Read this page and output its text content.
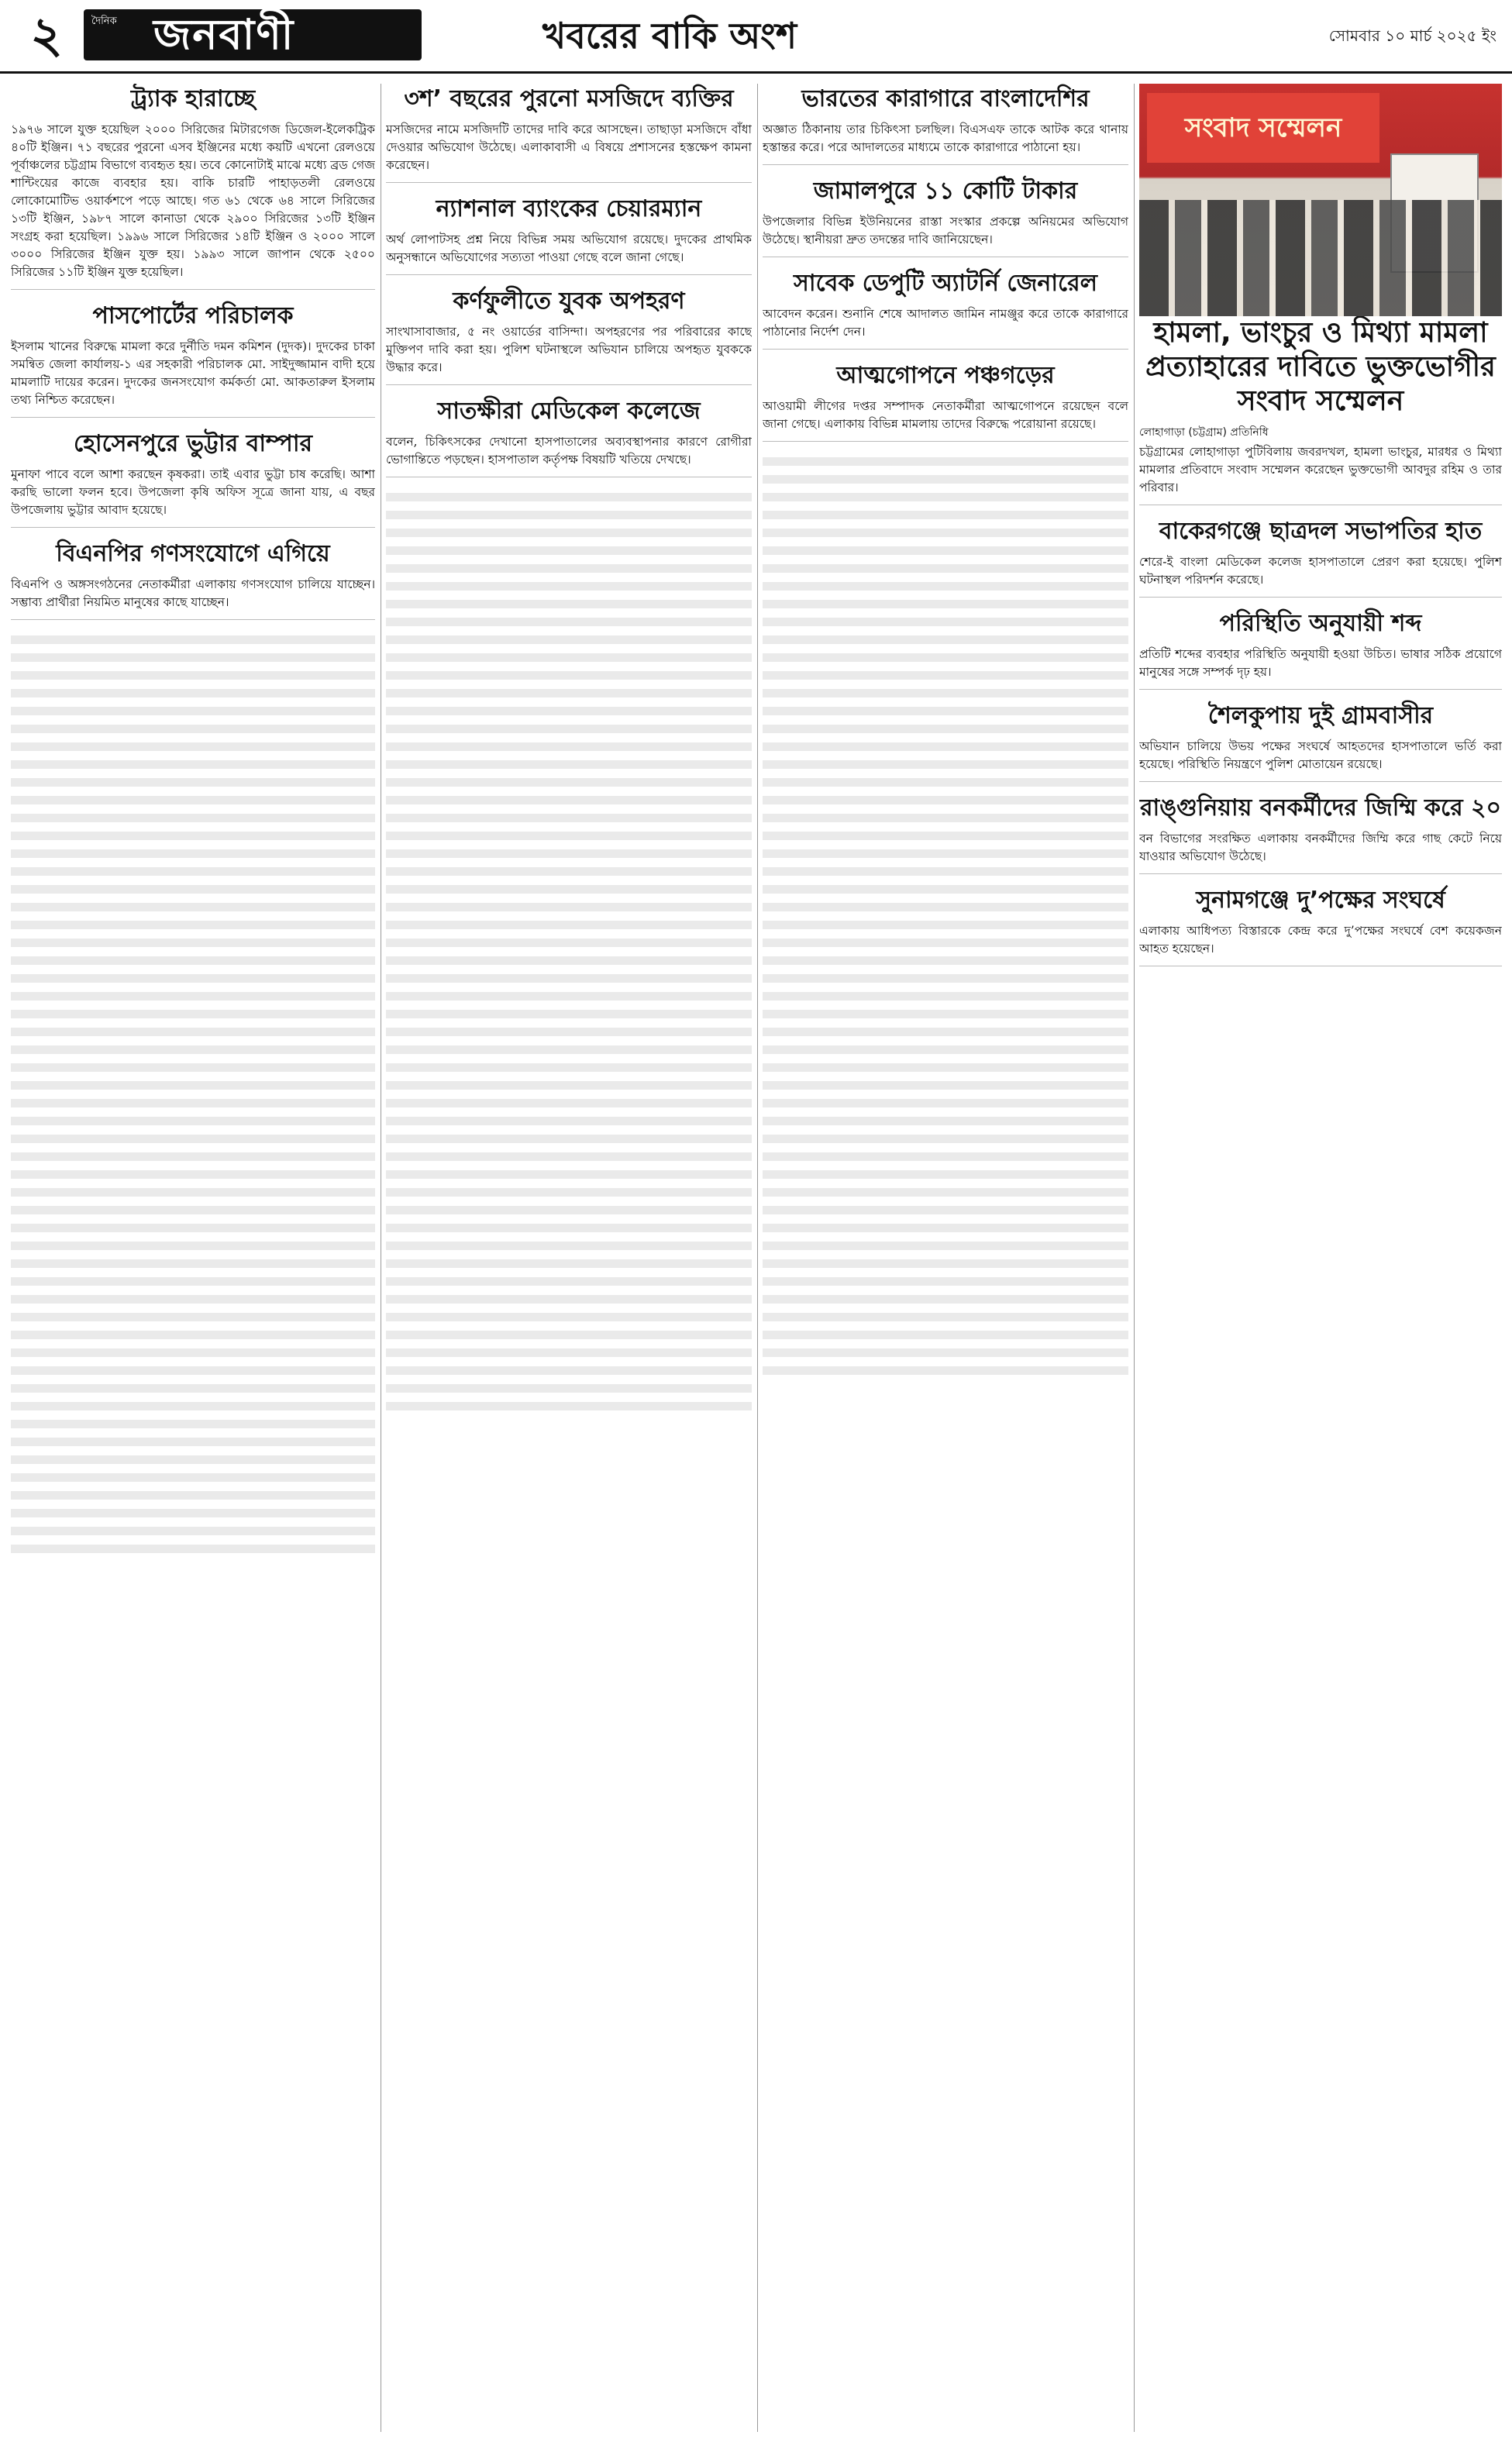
২	দৈনিক জনবাণী	খবরের বাকি অংশ	সোমবার ১০ মার্চ ২০২৫ ইং
ট্র্যাক হারাচ্ছে

১৯৭৬ সালে যুক্ত হয়েছিল ২০০০ সিরিজের মিটারগেজ ডিজেল-ইলেকট্রিক ৪০টি ইঞ্জিন। ৭১ বছরের পুরনো এসব ইঞ্জিনের মধ্যে কয়টি এখনো রেলওয়ে পূর্বাঞ্চলের চট্টগ্রাম বিভাগে ব্যবহৃত হয়। তবে কোনোটাই মাঝে মধ্যে ব্রড গেজ শান্টিংয়ের কাজে ব্যবহার হয়। বাকি চারটি পাহাড়তলী রেলওয়ে লোকোমোটিভ ওয়ার্কশপে পড়ে আছে। গত ৬১ থেকে ৬৪ সালে সিরিজের ১৩টি ইঞ্জিন, ১৯৮৭ সালে কানাডা থেকে ২৯০০ সিরিজের ১৩টি ইঞ্জিন সংগ্রহ করা হয়েছিল। ১৯৯৬ সালে সিরিজের ১৪টি ইঞ্জিন ও ২০০০ সালে ৩০০০ সিরিজের ইঞ্জিন যুক্ত হয়। ১৯৯৩ সালে জাপান থেকে ২৫০০ সিরিজের ১১টি ইঞ্জিন যুক্ত হয়েছিল।

পাসপোর্টের পরিচালক

ইসলাম খানের বিরুদ্ধে মামলা করে দুর্নীতি দমন কমিশন (দুদক)। দুদকের চাকা সমন্বিত জেলা কার্যালয়-১ এর সহকারী পরিচালক মো. সাইদুজ্জামান বাদী হয়ে মামলাটি দায়ের করেন। দুদকের জনসংযোগ কর্মকর্তা মো. আকতারুল ইসলাম তথ্য নিশ্চিত করেছেন।

হোসেনপুরে ভুট্টার বাম্পার

মুনাফা পাবে বলে আশা করছেন কৃষকরা। তাই এবার ভুট্টা চাষ করেছি। আশা করছি ভালো ফলন হবে। উপজেলা কৃষি অফিস সূত্রে জানা যায়, এ বছর উপজেলায় ভুট্টার আবাদ হয়েছে।

বিএনপির গণসংযোগে এগিয়ে

বিএনপি ও অঙ্গসংগঠনের নেতাকর্মীরা এলাকায় গণসংযোগ চালিয়ে যাচ্ছেন। সম্ভাব্য প্রার্থীরা নিয়মিত মানুষের কাছে যাচ্ছেন।

৩শ’ বছরের পুরনো মসজিদে ব্যক্তির

মসজিদের নামে মসজিদটি তাদের দাবি করে আসছেন। তাছাড়া মসজিদে বাঁধা দেওয়ার অভিযোগ উঠেছে। এলাকাবাসী এ বিষয়ে প্রশাসনের হস্তক্ষেপ কামনা করেছেন।

ন্যাশনাল ব্যাংকের চেয়ারম্যান

অর্থ লোপাটসহ প্রশ্ন নিয়ে বিভিন্ন সময় অভিযোগ রয়েছে। দুদকের প্রাথমিক অনুসন্ধানে অভিযোগের সত্যতা পাওয়া গেছে বলে জানা গেছে।

কর্ণফুলীতে যুবক অপহরণ

সাংখাসাবাজার, ৫ নং ওয়ার্ডের বাসিন্দা। অপহরণের পর পরিবারের কাছে মুক্তিপণ দাবি করা হয়। পুলিশ ঘটনাস্থলে অভিযান চালিয়ে অপহৃত যুবককে উদ্ধার করে।

সাতক্ষীরা মেডিকেল কলেজে

বলেন, চিকিৎসকের দেখানো হাসপাতালের অব্যবস্থাপনার কারণে রোগীরা ভোগান্তিতে পড়ছেন। হাসপাতাল কর্তৃপক্ষ বিষয়টি খতিয়ে দেখছে।

ভারতের কারাগারে বাংলাদেশির

অজ্ঞাত ঠিকানায় তার চিকিৎসা চলছিল। বিএসএফ তাকে আটক করে থানায় হস্তান্তর করে। পরে আদালতের মাধ্যমে তাকে কারাগারে পাঠানো হয়।

জামালপুরে ১১ কোটি টাকার

উপজেলার বিভিন্ন ইউনিয়নের রাস্তা সংস্কার প্রকল্পে অনিয়মের অভিযোগ উঠেছে। স্থানীয়রা দ্রুত তদন্তের দাবি জানিয়েছেন।

সাবেক ডেপুটি অ্যাটর্নি জেনারেল

আবেদন করেন। শুনানি শেষে আদালত জামিন নামঞ্জুর করে তাকে কারাগারে পাঠানোর নির্দেশ দেন।

আত্মগোপনে পঞ্চগড়ের

আওয়ামী লীগের দপ্তর সম্পাদক নেতাকর্মীরা আত্মগোপনে রয়েছেন বলে জানা গেছে। এলাকায় বিভিন্ন মামলায় তাদের বিরুদ্ধে পরোয়ানা রয়েছে।

সংবাদ সম্মেলন
হামলা, ভাংচুর ও মিথ্যা মামলা প্রত্যাহারের দাবিতে ভুক্তভোগীর সংবাদ সম্মেলন
লোহাগাড়া (চট্টগ্রাম) প্রতিনিধি

চট্টগ্রামের লোহাগাড়া পুটিবিলায় জবরদখল, হামলা ভাংচুর, মারধর ও মিথ্যা মামলার প্রতিবাদে সংবাদ সম্মেলন করেছেন ভুক্তভোগী আবদুর রহিম ও তার পরিবার।

বাকেরগঞ্জে ছাত্রদল সভাপতির হাত

শেরে-ই বাংলা মেডিকেল কলেজ হাসপাতালে প্রেরণ করা হয়েছে। পুলিশ ঘটনাস্থল পরিদর্শন করেছে।

পরিস্থিতি অনুযায়ী শব্দ

প্রতিটি শব্দের ব্যবহার পরিস্থিতি অনুযায়ী হওয়া উচিত। ভাষার সঠিক প্রয়োগে মানুষের সঙ্গে সম্পর্ক দৃঢ় হয়।

শৈলকুপায় দুই গ্রামবাসীর

অভিযান চালিয়ে উভয় পক্ষের সংঘর্ষে আহতদের হাসপাতালে ভর্তি করা হয়েছে। পরিস্থিতি নিয়ন্ত্রণে পুলিশ মোতায়েন রয়েছে।

রাঙ্গুনিয়ায় বনকর্মীদের জিম্মি করে ২০

বন বিভাগের সংরক্ষিত এলাকায় বনকর্মীদের জিম্মি করে গাছ কেটে নিয়ে যাওয়ার অভিযোগ উঠেছে।

সুনামগঞ্জে দু’পক্ষের সংঘর্ষে

এলাকায় আধিপত্য বিস্তারকে কেন্দ্র করে দু’পক্ষের সংঘর্ষে বেশ কয়েকজন আহত হয়েছেন।
